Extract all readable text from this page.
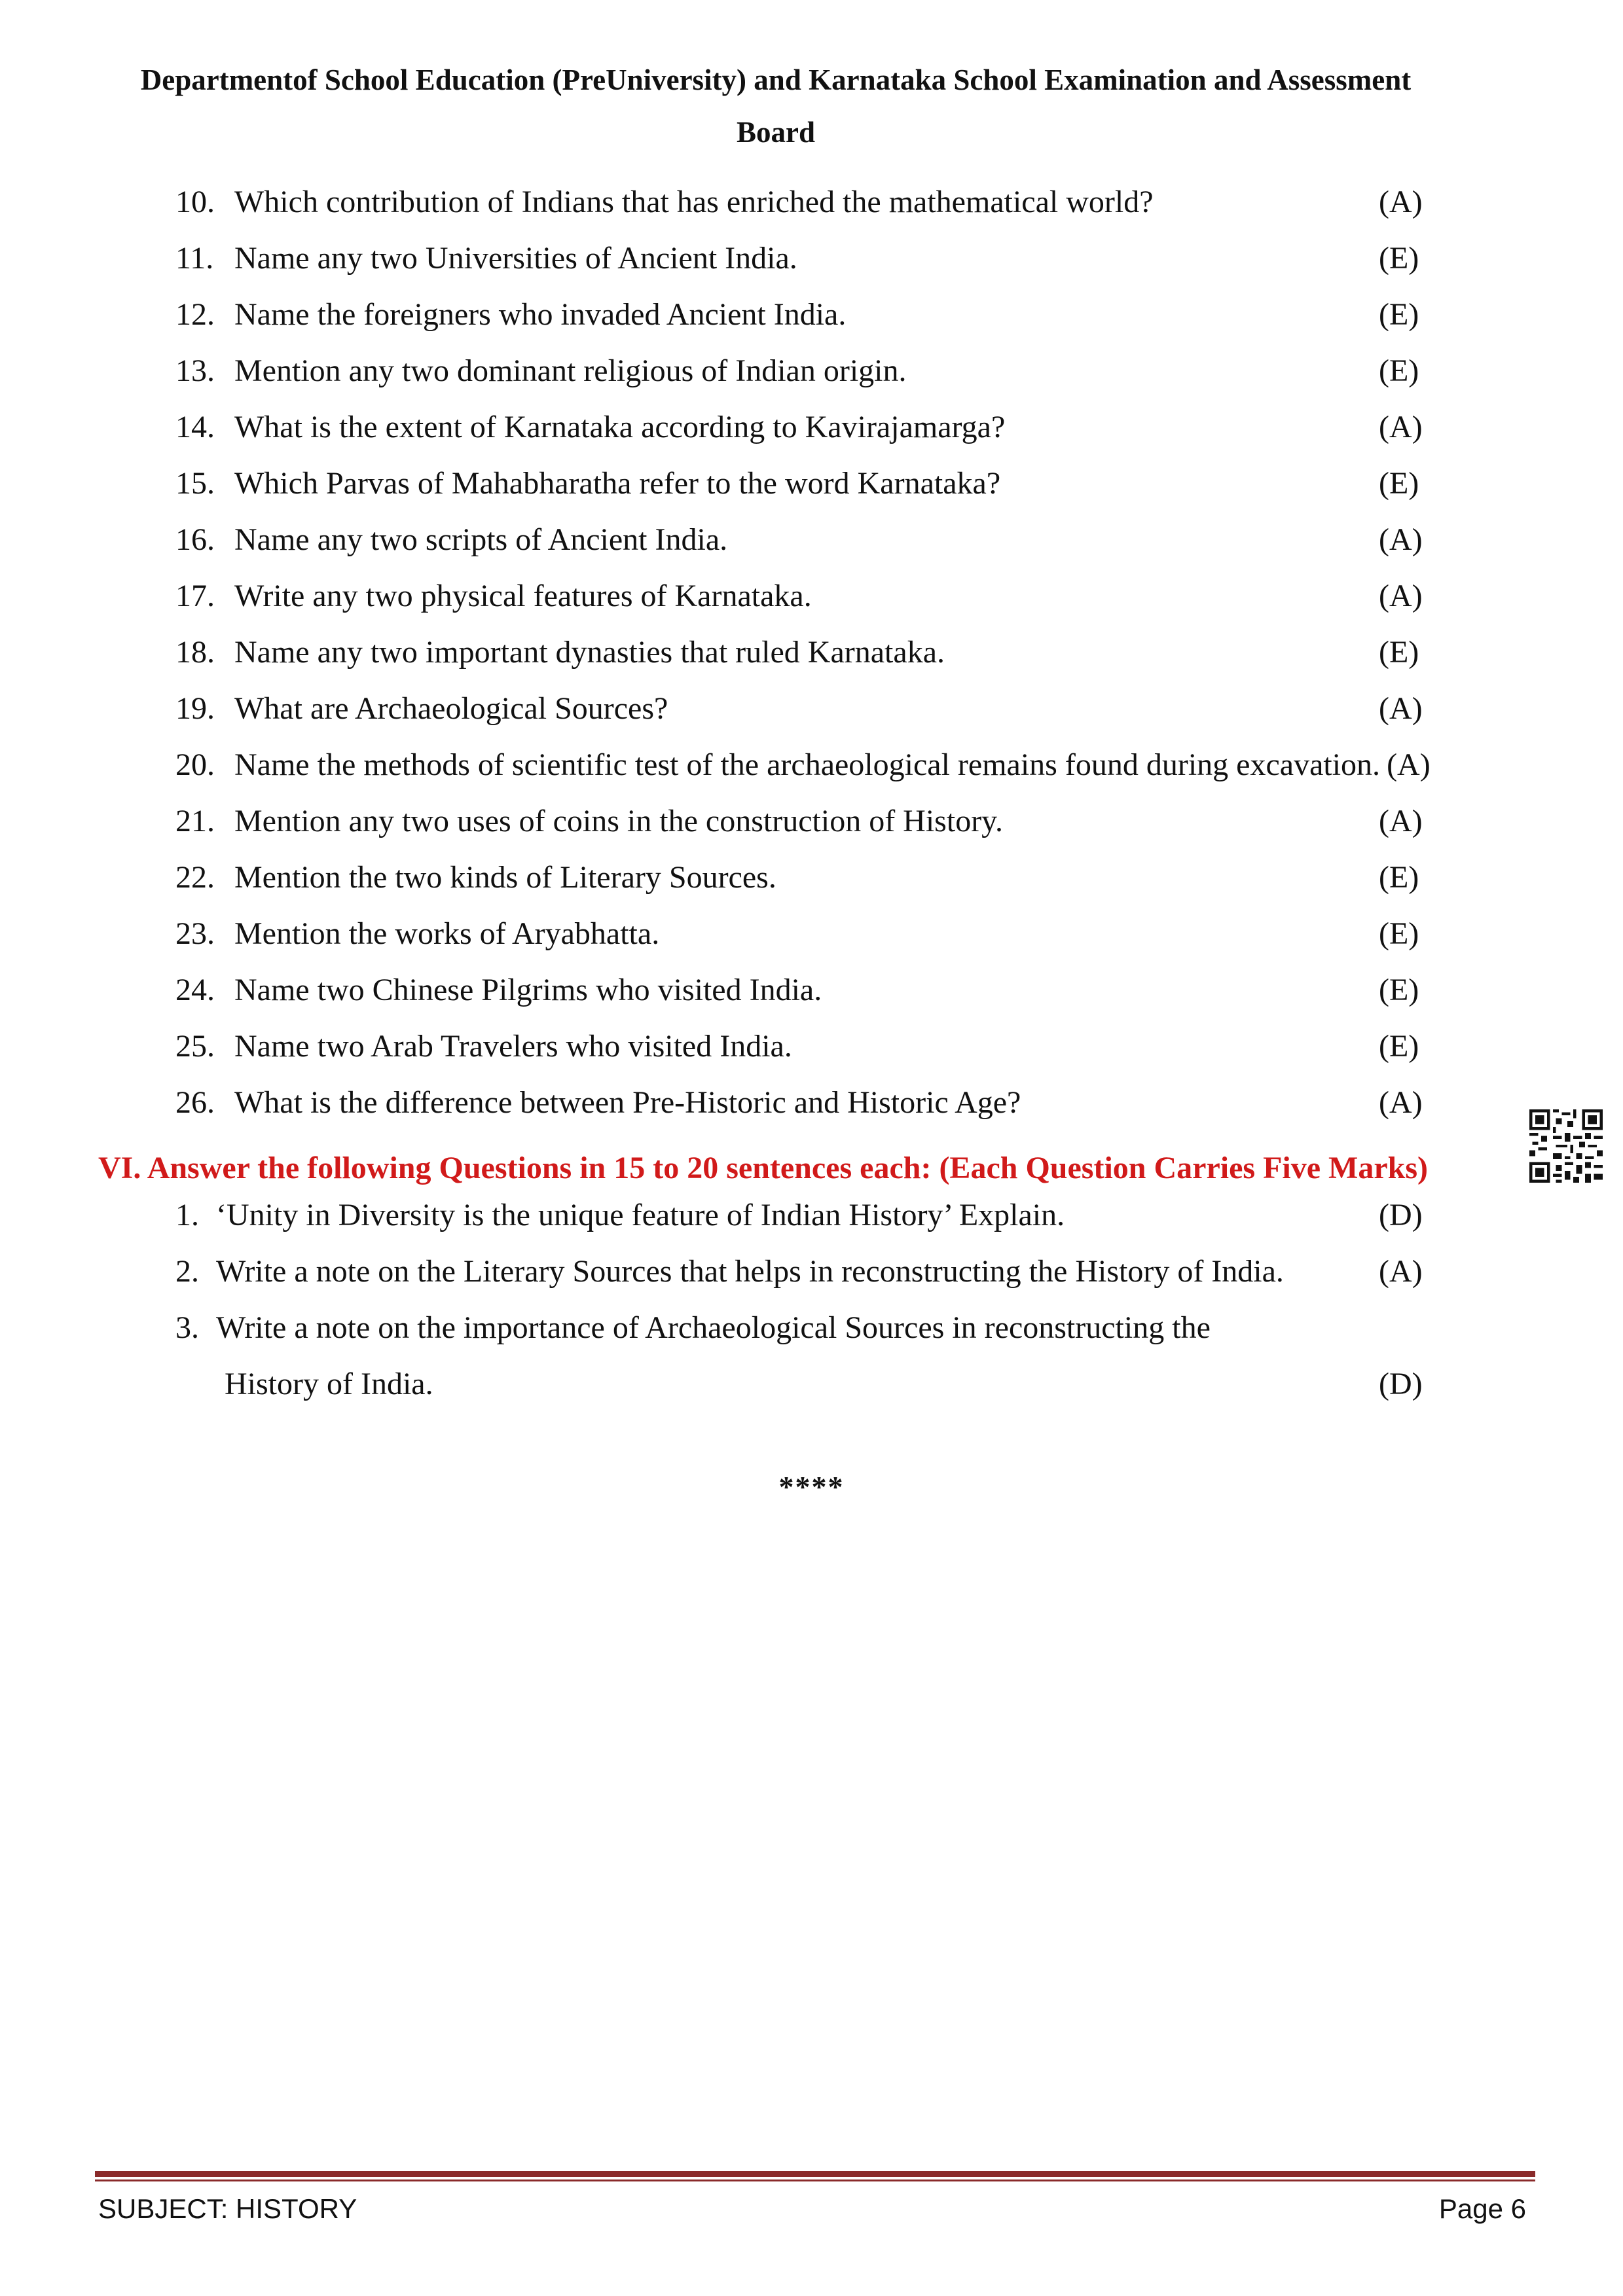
Departmentof School Education (PreUniversity) and Karnataka School Examination and Assessment
Board
10. Which contribution of Indians that has enriched the mathematical world?	(A)
11. Name any two Universities of Ancient India.	(E)
12. Name the foreigners who invaded Ancient India.	(E)
13. Mention any two dominant religious of Indian origin.	(E)
14. What is the extent of Karnataka according to Kavirajamarga?	(A)
15. Which Parvas of Mahabharatha refer to the word Karnataka?	(E)
16. Name any two scripts of Ancient India.	(A)
17. Write any two physical features of Karnataka.	(A)
18. Name any two important dynasties that ruled Karnataka.	(E)
19. What are Archaeological Sources?	(A)
20. Name the methods of scientific test of the archaeological remains found during excavation. (A)
21. Mention any two uses of coins in the construction of History.	(A)
22. Mention the two kinds of Literary Sources.	(E)
23. Mention the works of Aryabhatta.	(E)
24. Name two Chinese Pilgrims who visited India.	(E)
25. Name two Arab Travelers who visited India.	(E)
26. What is the difference between Pre-Historic and Historic Age?	(A)
VI. Answer the following Questions in 15 to 20 sentences each: (Each Question Carries Five Marks)
1. ‘Unity in Diversity is the unique feature of Indian History’ Explain.	(D)
2. Write a note on the Literary Sources that helps in reconstructing the History of India.	(A)
3. Write a note on the importance of Archaeological Sources in reconstructing the
History of India.	(D)
****
SUBJECT: HISTORY	Page 6
